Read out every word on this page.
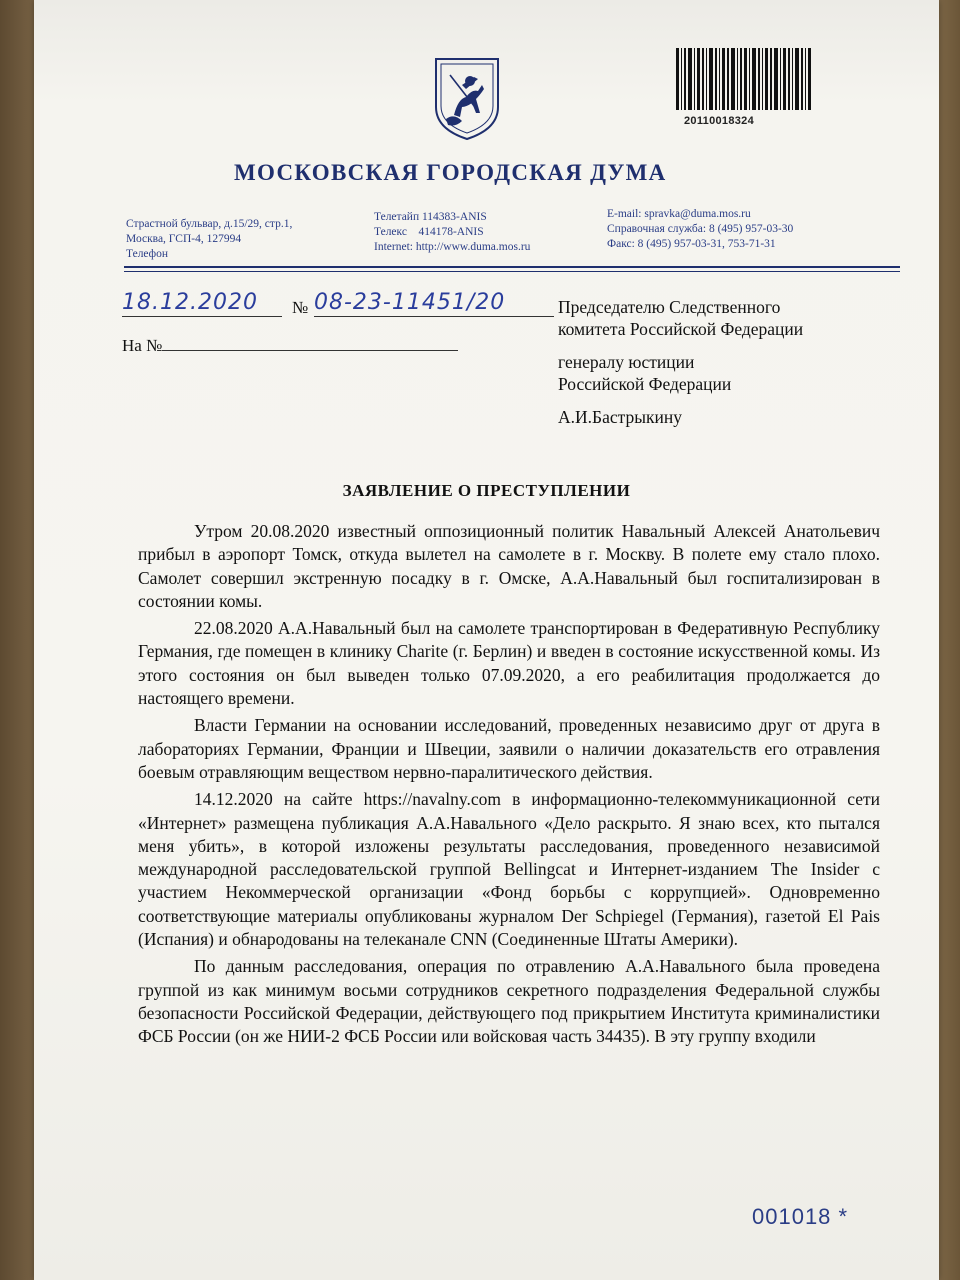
20110018324
МОСКОВСКАЯ ГОРОДСКАЯ ДУМА
Страстной бульвар, д.15/29, стр.1,
Москва, ГСП-4, 127994
Телефон
Телетайп 114383-ANIS
Телекс    414178-ANIS
Internet: http://www.duma.mos.ru
E-mail: spravka@duma.mos.ru
Справочная служба: 8 (495) 957-03-30
Факс: 8 (495) 957-03-31, 753-71-31
18.12.2020	№ 08-23-11451/20
На №
Председателю Следственного
комитета Российской Федерации
генералу юстиции
Российской Федерации
А.И.Бастрыкину
ЗАЯВЛЕНИЕ О ПРЕСТУПЛЕНИИ

Утром 20.08.2020 известный оппозиционный политик Навальный Алексей Анатольевич прибыл в аэропорт Томск, откуда вылетел на самолете в г. Москву. В полете ему стало плохо. Самолет совершил экстренную посадку в г. Омске, А.А.Навальный был госпитализирован в состоянии комы.

22.08.2020 А.А.Навальный был на самолете транспортирован в Федеративную Республику Германия, где помещен в клинику Charite (г. Берлин) и введен в состояние искусственной комы. Из этого состояния он был выведен только 07.09.2020, а его реабилитация продолжается до настоящего времени.

Власти Германии на основании исследований, проведенных независимо друг от друга в лабораториях Германии, Франции и Швеции, заявили о наличии доказательств его отравления боевым отравляющим веществом нервно-паралитического действия.

14.12.2020 на сайте https://navalny.com в информационно-телекоммуникационной сети «Интернет» размещена публикация А.А.Навального «Дело раскрыто. Я знаю всех, кто пытался меня убить», в которой изложены результаты расследования, проведенного независимой международной расследовательской группой Bellingcat и Интернет-изданием The Insider с участием Некоммерческой организации «Фонд борьбы с коррупцией». Одновременно соответствующие материалы опубликованы журналом Der Schpiegel (Германия), газетой El Pais (Испания) и обнародованы на телеканале CNN (Соединенные Штаты Америки).

По данным расследования, операция по отравлению А.А.Навального была проведена группой из как минимум восьми сотрудников секретного подразделения Федеральной службы безопасности Российской Федерации, действующего под прикрытием Института криминалистики ФСБ России (он же НИИ-2 ФСБ России или войсковая часть 34435). В эту группу входили

001018 *
